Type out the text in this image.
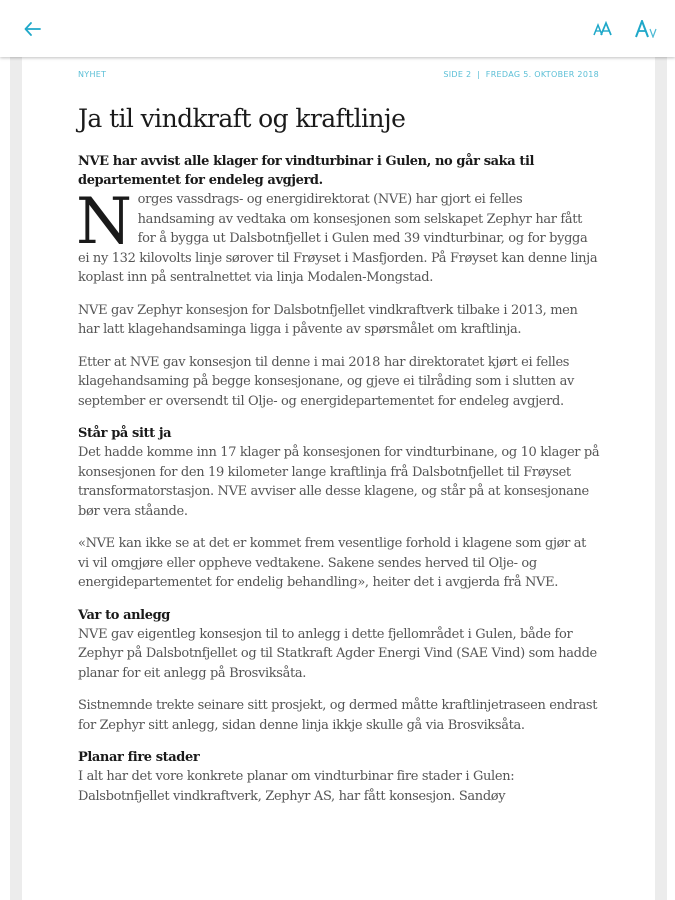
NYHET	SIDE 2  |  FREDAG 5. OKTOBER 2018
Ja til vindkraft og kraftlinje
NVE har avvist alle klager for vindturbinar i Gulen, no går saka til departementet for endeleg avgjerd.

Norges vassdrags- og energidirektorat (NVE) har gjort ei felles handsaming av vedtaka om konsesjonen som selskapet Zephyr har fått for å bygga ut Dalsbotnfjellet i Gulen med 39 vindturbinar, og for bygga ei ny 132 kilovolts linje sørover til Frøyset i Masfjorden. På Frøyset kan denne linja koplast inn på sentralnettet via linja Modalen-Mongstad.

NVE gav Zephyr konsesjon for Dalsbotnfjellet vindkraftverk tilbake i 2013, men har latt klagehandsaminga ligga i påvente av spørsmålet om kraftlinja.

Etter at NVE gav konsesjon til denne i mai 2018 har direktoratet kjørt ei felles klagehandsaming på begge konsesjonane, og gjeve ei tilråding som i slutten av september er oversendt til Olje- og energidepartementet for endeleg avgjerd.

Står på sitt ja

Det hadde komme inn 17 klager på konsesjonen for vindturbinane, og 10 klager på konsesjonen for den 19 kilometer lange kraftlinja frå Dalsbotnfjellet til Frøyset transformatorstasjon. NVE avviser alle desse klagene, og står på at konsesjonane bør vera ståande.

«NVE kan ikke se at det er kommet frem vesentlige forhold i klagene som gjør at vi vil omgjøre eller oppheve vedtakene. Sakene sendes herved til Olje- og energidepartementet for endelig behandling», heiter det i avgjerda frå NVE.

Var to anlegg

NVE gav eigentleg konsesjon til to anlegg i dette fjellområdet i Gulen, både for Zephyr på Dalsbotnfjellet og til Statkraft Agder Energi Vind (SAE Vind) som hadde planar for eit anlegg på Brosviksåta.

Sistnemnde trekte seinare sitt prosjekt, og dermed måtte kraftlinjetraseen endrast for Zephyr sitt anlegg, sidan denne linja ikkje skulle gå via Brosviksåta.

Planar fire stader

I alt har det vore konkrete planar om vindturbinar fire stader i Gulen: Dalsbotnfjellet vindkraftverk, Zephyr AS, har fått konsesjon. Sandøy
